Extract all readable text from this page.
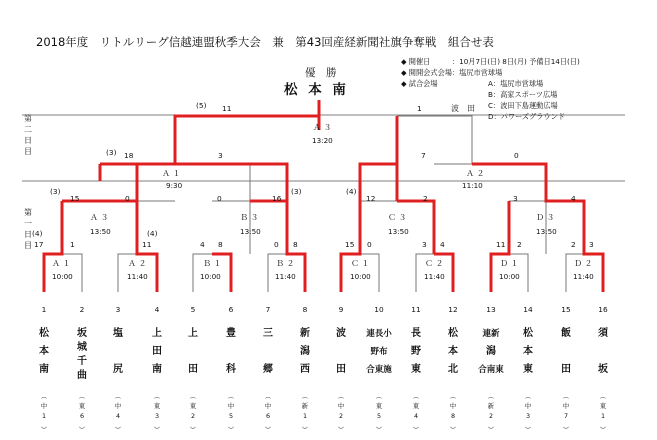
2018年度　リトルリーグ信越連盟秋季大会　兼　第43回産経新聞社旗争奪戦　組合せ表
優　勝
松 本 南
◆ 開催日　　　：10月7日(日) 8日(月) 予備日14日(日)
◆ 開開会式会場：塩尻市営球場
◆ 試合会場	A：塩尻市営球場
B：高家スポーツ広場
C：波田下島運動広場
D：パワーズグラウンド
第
二
日
目
第
一
日
目
Ａ ３
13:20
(5) 11	1	波　田
(3) 18	3
Ａ １
9:30
7	0
Ａ ２
11:10
(3)
15	0
Ａ ３
13:50
0	16
(3)
Ｂ ３
13:50
(4)
12	2
Ｃ ３
13:50
3	4
Ｄ ３
13:50
(4)
17	1
Ａ １
10:00
11
(4)
Ａ ２
11:40
4 8
Ｂ １
10:00
0 8
Ｂ ２
11:40
15 0
Ｃ １
10:00
3 4
Ｃ ２
11:40
11 2
Ｄ １
10:00
2 3
Ｄ ２
11:40
1
松
本
南
︵
中
1
︶
2
坂
城
千
曲
︵
東
6
︶
3
塩
尻
︵
中
4
︶
4
上
田
南
︵
東
3
︶
5
上
田
︵
東
2
︶
6
豊
科
︵
中
5
︶
7
三
郷
︵
中
6
︶
8
新
潟
西
︵
新
1
︶
9
波
田
︵
中
2
︶
10
連長小
野布
合東施
︵
東
5
︶
11
長
野
東
︵
東
4
︶
12
松
本
北
︵
中
8
︶
13
連新
潟
合南東
︵
新
2
︶
14
松
本
東
︵
中
3
︶
15
飯
田
︵
中
7
︶
16
須
坂
︵
東
1
︶
